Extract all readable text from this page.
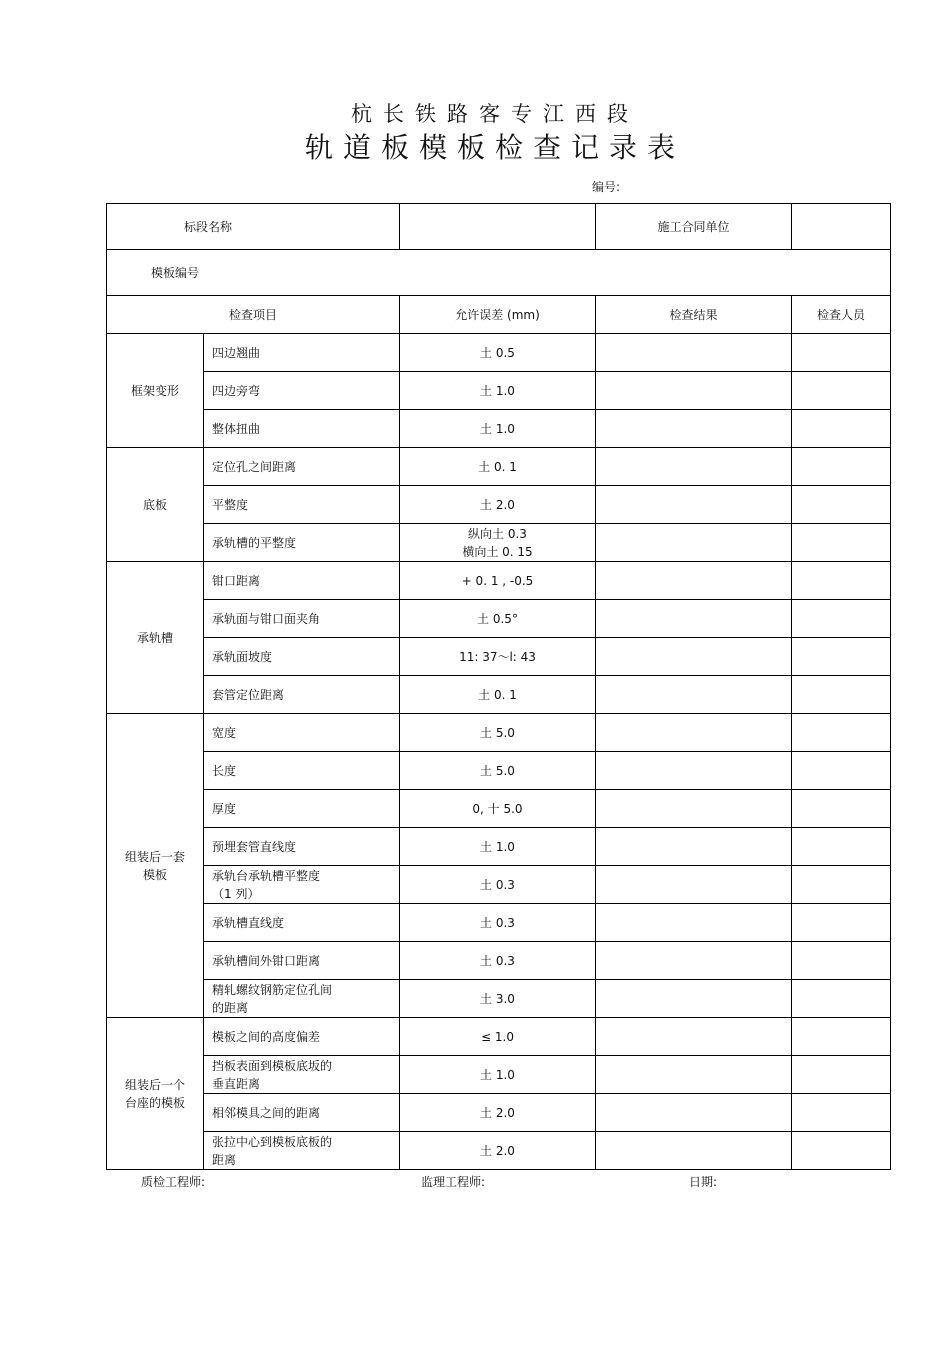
杭长铁路客专江西段
轨道板模板检查记录表
编号:
标段名称			施工合同单位	
模板编号				
检查项目		允许误差 (mm)	检查结果	检查人员

框架变形	四边翘曲	土 0.5		

	四边旁弯	土 1.0		

	整体扭曲	土 1.0		

底板	定位孔之间距离	土 0. 1		

	平整度	土 2.0		

	承轨槽的平整度	纵向土 0.3
横向土 0. 15		

承轨槽	钳口距离	+ 0. 1 , -0.5		

	承轨面与钳口面夹角	土 0.5°		

	承轨面坡度	11: 37〜l: 43		

	套管定位距离	土 0. 1		

组装后一套
模板	宽度	土 5.0		

	长度	土 5.0		

	厚度	0, 十 5.0		

	预埋套管直线度	土 1.0		

	承轨台承轨槽平整度
（1 列）	土 0.3		

	承轨槽直线度	土 0.3		

	承轨槽间外钳口距离	土 0.3		

	精轧螺纹钢筋定位孔间
的距离	土 3.0		

组装后一个
台座的模板	模板之间的高度偏差	≤ 1.0		

	挡板表面到模板底坂的
垂直距离	土 1.0		

	相邻模具之间的距离	土 2.0		

	张拉中心到模板底板的
距离	土 2.0		

质检工程师:	监理工程师:	日期:
